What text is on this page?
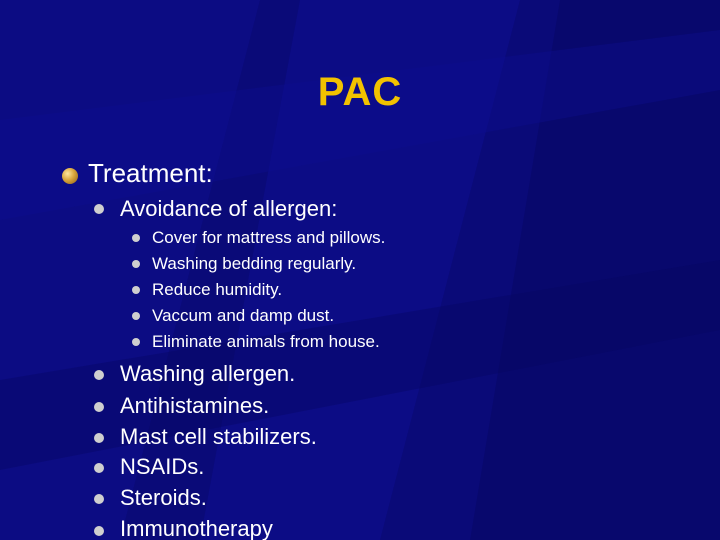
PAC
Treatment:
Avoidance of allergen:
Cover for mattress and pillows.
Washing bedding regularly.
Reduce humidity.
Vaccum and damp dust.
Eliminate animals from house.
Washing allergen.
Antihistamines.
Mast cell stabilizers.
NSAIDs.
Steroids.
Immunotherapy
